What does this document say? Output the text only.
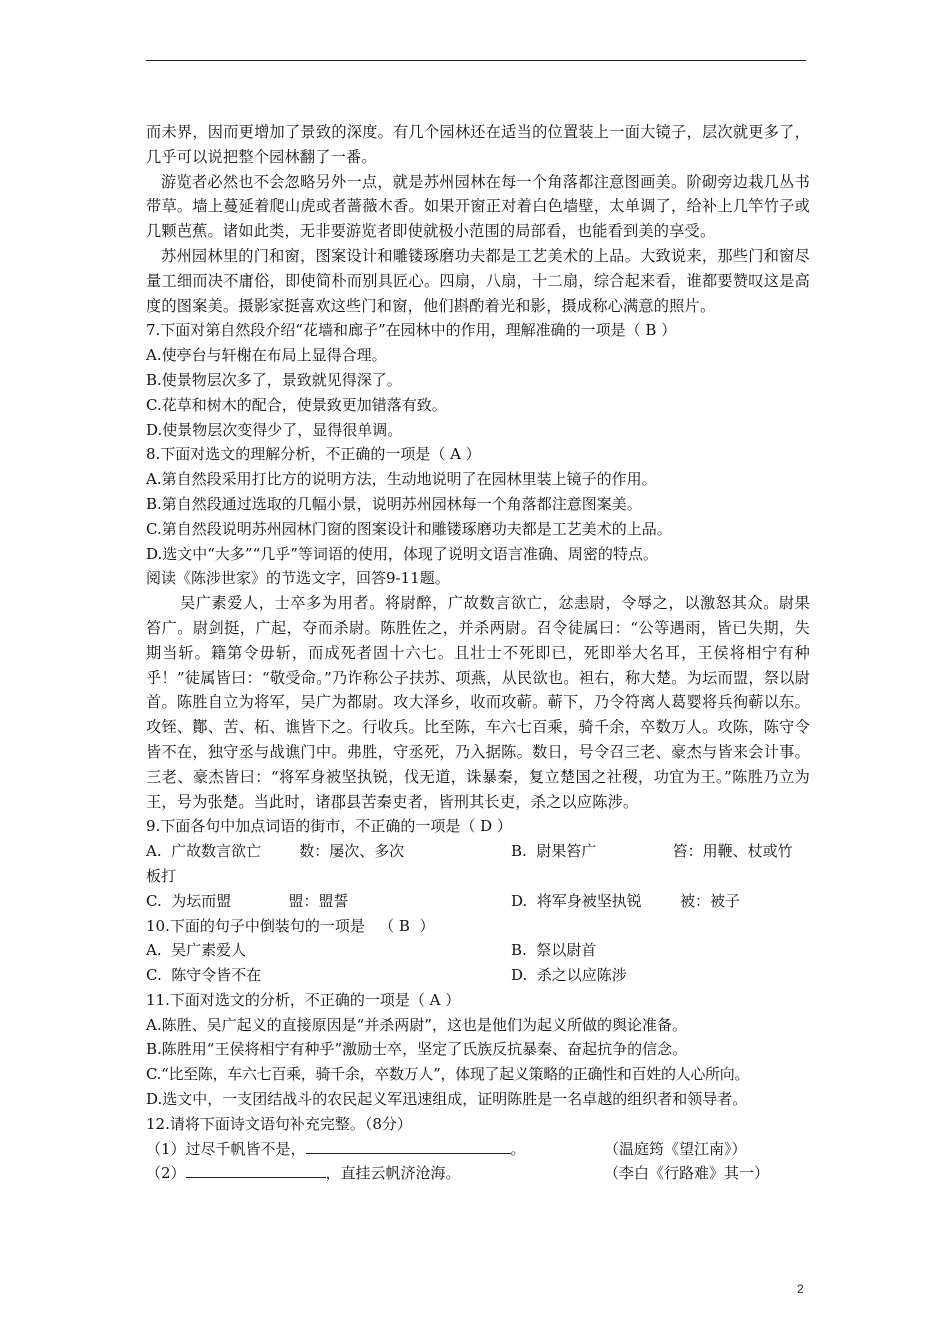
而未界，因而更增加了景致的深度。有几个园林还在适当的位置装上一面大镜子，层次就更多了，几乎可以说把整个园林翻了一番。

游览者必然也不会忽略另外一点，就是苏州园林在每一个角落都注意图画美。阶砌旁边栽几丛书带草。墙上蔓延着爬山虎或者蔷薇木香。如果开窗正对着白色墙壁，太单调了，给补上几竿竹子或几颗芭蕉。诸如此类，无非要游览者即使就极小范围的局部看，也能看到美的享受。

苏州园林里的门和窗，图案设计和雕镂琢磨功夫都是工艺美术的上品。大致说来，那些门和窗尽量工细而决不庸俗，即使简朴而别具匠心。四扇，八扇，十二扇，综合起来看，谁都要赞叹这是高度的图案美。摄影家挺喜欢这些门和窗，他们斟酌着光和影，摄成称心满意的照片。

7.下面对第自然段介绍“花墙和廊子”在园林中的作用，理解准确的一项是（ B ）

A.使亭台与轩榭在布局上显得合理。

B.使景物层次多了，景致就见得深了。

C.花草和树木的配合，使景致更加错落有致。

D.使景物层次变得少了，显得很单调。

8.下面对选文的理解分析，不正确的一项是（ A ）

A.第自然段采用打比方的说明方法，生动地说明了在园林里装上镜子的作用。

B.第自然段通过选取的几幅小景，说明苏州园林每一个角落都注意图案美。

C.第自然段说明苏州园林门窗的图案设计和雕镂琢磨功夫都是工艺美术的上品。

D.选文中“大多”“几乎”等词语的使用，体现了说明文语言准确、周密的特点。

阅读《陈涉世家》的节选文字，回答9-11题。

吴广素爱人，士卒多为用者。将尉醉，广故数言欲亡，忿恚尉，令辱之，以激怒其众。尉果笞广。尉剑挺，广起，夺而杀尉。陈胜佐之，并杀两尉。召令徒属曰：“公等遇雨，皆已失期，失期当斩。籍第令毋斩，而成死者固十六七。且壮士不死即已，死即举大名耳，王侯将相宁有种乎！”徒属皆曰：“敬受命。”乃诈称公子扶苏、项燕，从民欲也。袒右，称大楚。为坛而盟，祭以尉首。陈胜自立为将军，吴广为都尉。攻大泽乡，收而攻蕲。蕲下，乃令符离人葛婴将兵徇蕲以东。攻铚、酇、苦、柘、谯皆下之。行收兵。比至陈，车六七百乘，骑千余，卒数万人。攻陈，陈守令皆不在，独守丞与战谯门中。弗胜，守丞死，乃入据陈。数日，号令召三老、豪杰与皆来会计事。三老、豪杰皆曰：“将军身被坚执锐，伐无道，诛暴秦，复立楚国之社稷，功宜为王。”陈胜乃立为王，号为张楚。当此时，诸郡县苦秦吏者，皆刑其长吏，杀之以应陈涉。

9.下面各句中加点词语的街市，不正确的一项是（ D ）

A.  广故数言欲亡        数：屡次、多次	B.  尉果笞广                笞：用鞭、杖或竹

板打

C.  为坛而盟            盟：盟誓	D.  将军身被坚执锐        被：被子

10.下面的句子中倒装句的一项是   （ B  ）

A.  吴广素爱人	B.  祭以尉首
C.  陈守令皆不在	D.  杀之以应陈涉

11.下面对选文的分析，不正确的一项是（ A ）

A.陈胜、吴广起义的直接原因是“并杀两尉”，这也是他们为起义所做的舆论准备。

B.陈胜用“王侯将相宁有种乎”激励士卒，坚定了氏族反抗暴秦、奋起抗争的信念。

C.“比至陈，车六七百乘，骑千余，卒数万人”，体现了起义策略的正确性和百姓的人心所向。

D.选文中，一支团结战斗的农民起义军迅速组成，证明陈胜是一名卓越的组织者和领导者。

12.请将下面诗文语句补充完整。（8分）

（1）过尽千帆皆不是，	。	（温庭筠《望江南》）
（2）	，直挂云帆济沧海。	（李白《行路难》其一）
2
